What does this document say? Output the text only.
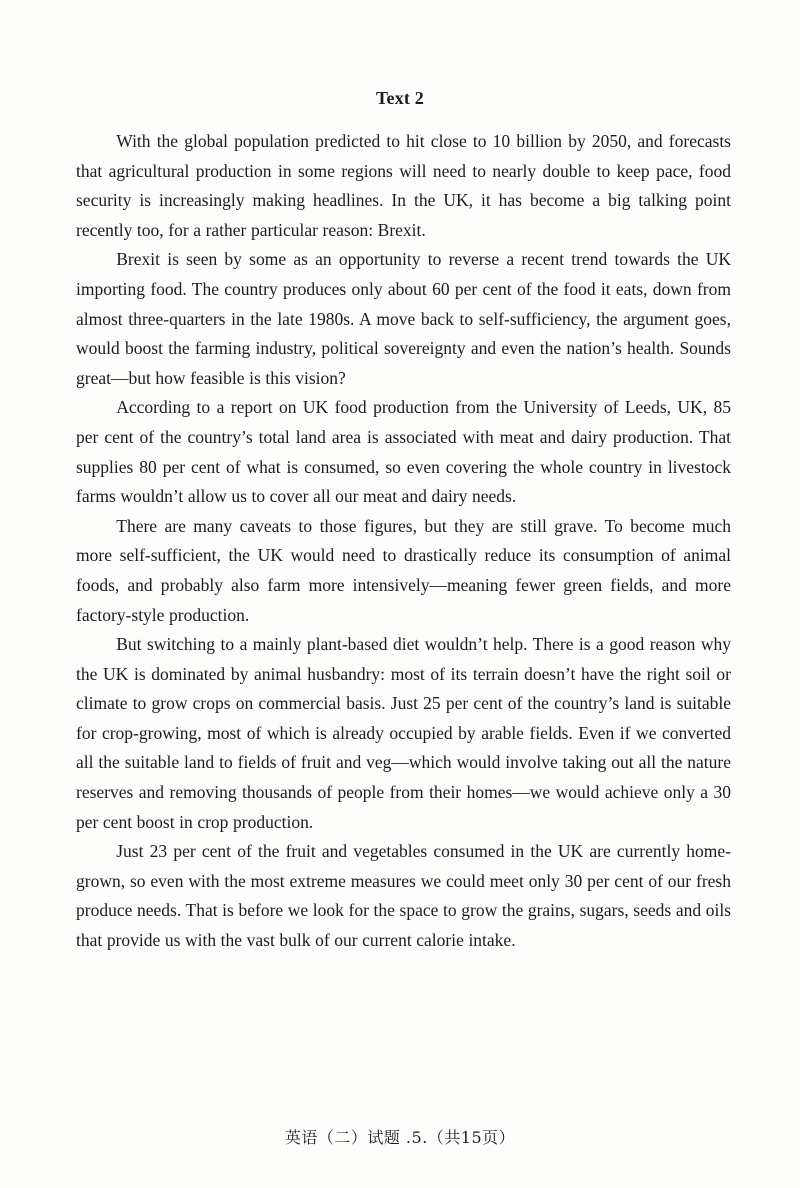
Text 2

With the global population predicted to hit close to 10 billion by 2050, and forecasts that agricultural production in some regions will need to nearly double to keep pace, food security is increasingly making headlines. In the UK, it has become a big talking point recently too, for a rather particular reason: Brexit.

Brexit is seen by some as an opportunity to reverse a recent trend towards the UK importing food. The country produces only about 60 per cent of the food it eats, down from almost three-quarters in the late 1980s. A move back to self-sufficiency, the argument goes, would boost the farming industry, political sovereignty and even the nation’s health. Sounds great—but how feasible is this vision?

According to a report on UK food production from the University of Leeds, UK, 85 per cent of the country’s total land area is associated with meat and dairy production. That supplies 80 per cent of what is consumed, so even covering the whole country in livestock farms wouldn’t allow us to cover all our meat and dairy needs.

There are many caveats to those figures, but they are still grave. To become much more self-sufficient, the UK would need to drastically reduce its consumption of animal foods, and probably also farm more intensively—meaning fewer green fields, and more factory-style production.

But switching to a mainly plant-based diet wouldn’t help. There is a good reason why the UK is dominated by animal husbandry: most of its terrain doesn’t have the right soil or climate to grow crops on commercial basis. Just 25 per cent of the country’s land is suitable for crop-growing, most of which is already occupied by arable fields. Even if we converted all the suitable land to fields of fruit and veg—which would involve taking out all the nature reserves and removing thousands of people from their homes—we would achieve only a 30 per cent boost in crop production.

Just 23 per cent of the fruit and vegetables consumed in the UK are currently home-grown, so even with the most extreme measures we could meet only 30 per cent of our fresh produce needs. That is before we look for the space to grow the grains, sugars, seeds and oils that provide us with the vast bulk of our current calorie intake.

英语（二）试题 .5.（共15页）
